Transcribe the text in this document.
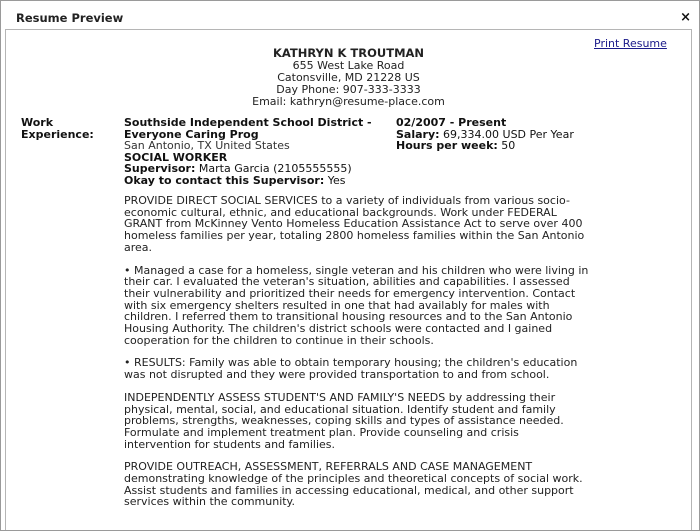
Resume Preview	×
Print Resume
KATHRYN K TROUTMAN
655 West Lake Road
Catonsville, MD 21228 US
Day Phone: 907-333-3333
Email: kathryn@resume-place.com
Work
Experience:
Southside Independent School District - Everyone Caring Prog
San Antonio, TX United States
SOCIAL WORKER
Supervisor: Marta Garcia (2105555555)
Okay to contact this Supervisor: Yes
02/2007 - Present
Salary: 69,334.00 USD Per Year
Hours per week: 50

PROVIDE DIRECT SOCIAL SERVICES to a variety of individuals from various socio-economic cultural, ethnic, and educational backgrounds. Work under FEDERAL GRANT from McKinney Vento Homeless Education Assistance Act to serve over 400 homeless families per year, totaling 2800 homeless families within the San Antonio area.

• Managed a case for a homeless, single veteran and his children who were living in their car. I evaluated the veteran's situation, abilities and capabilities. I assessed their vulnerability and prioritized their needs for emergency intervention. Contact with six emergency shelters resulted in one that had availably for males with children. I referred them to transitional housing resources and to the San Antonio Housing Authority. The children's district schools were contacted and I gained cooperation for the children to continue in their schools.

• RESULTS: Family was able to obtain temporary housing; the children's education was not disrupted and they were provided transportation to and from school.

INDEPENDENTLY ASSESS STUDENT'S AND FAMILY'S NEEDS by addressing their physical, mental, social, and educational situation. Identify student and family problems, strengths, weaknesses, coping skills and types of assistance needed. Formulate and implement treatment plan. Provide counseling and crisis intervention for students and families.

PROVIDE OUTREACH, ASSESSMENT, REFERRALS AND CASE MANAGEMENT demonstrating knowledge of the principles and theoretical concepts of social work. Assist students and families in accessing educational, medical, and other support services within the community.
